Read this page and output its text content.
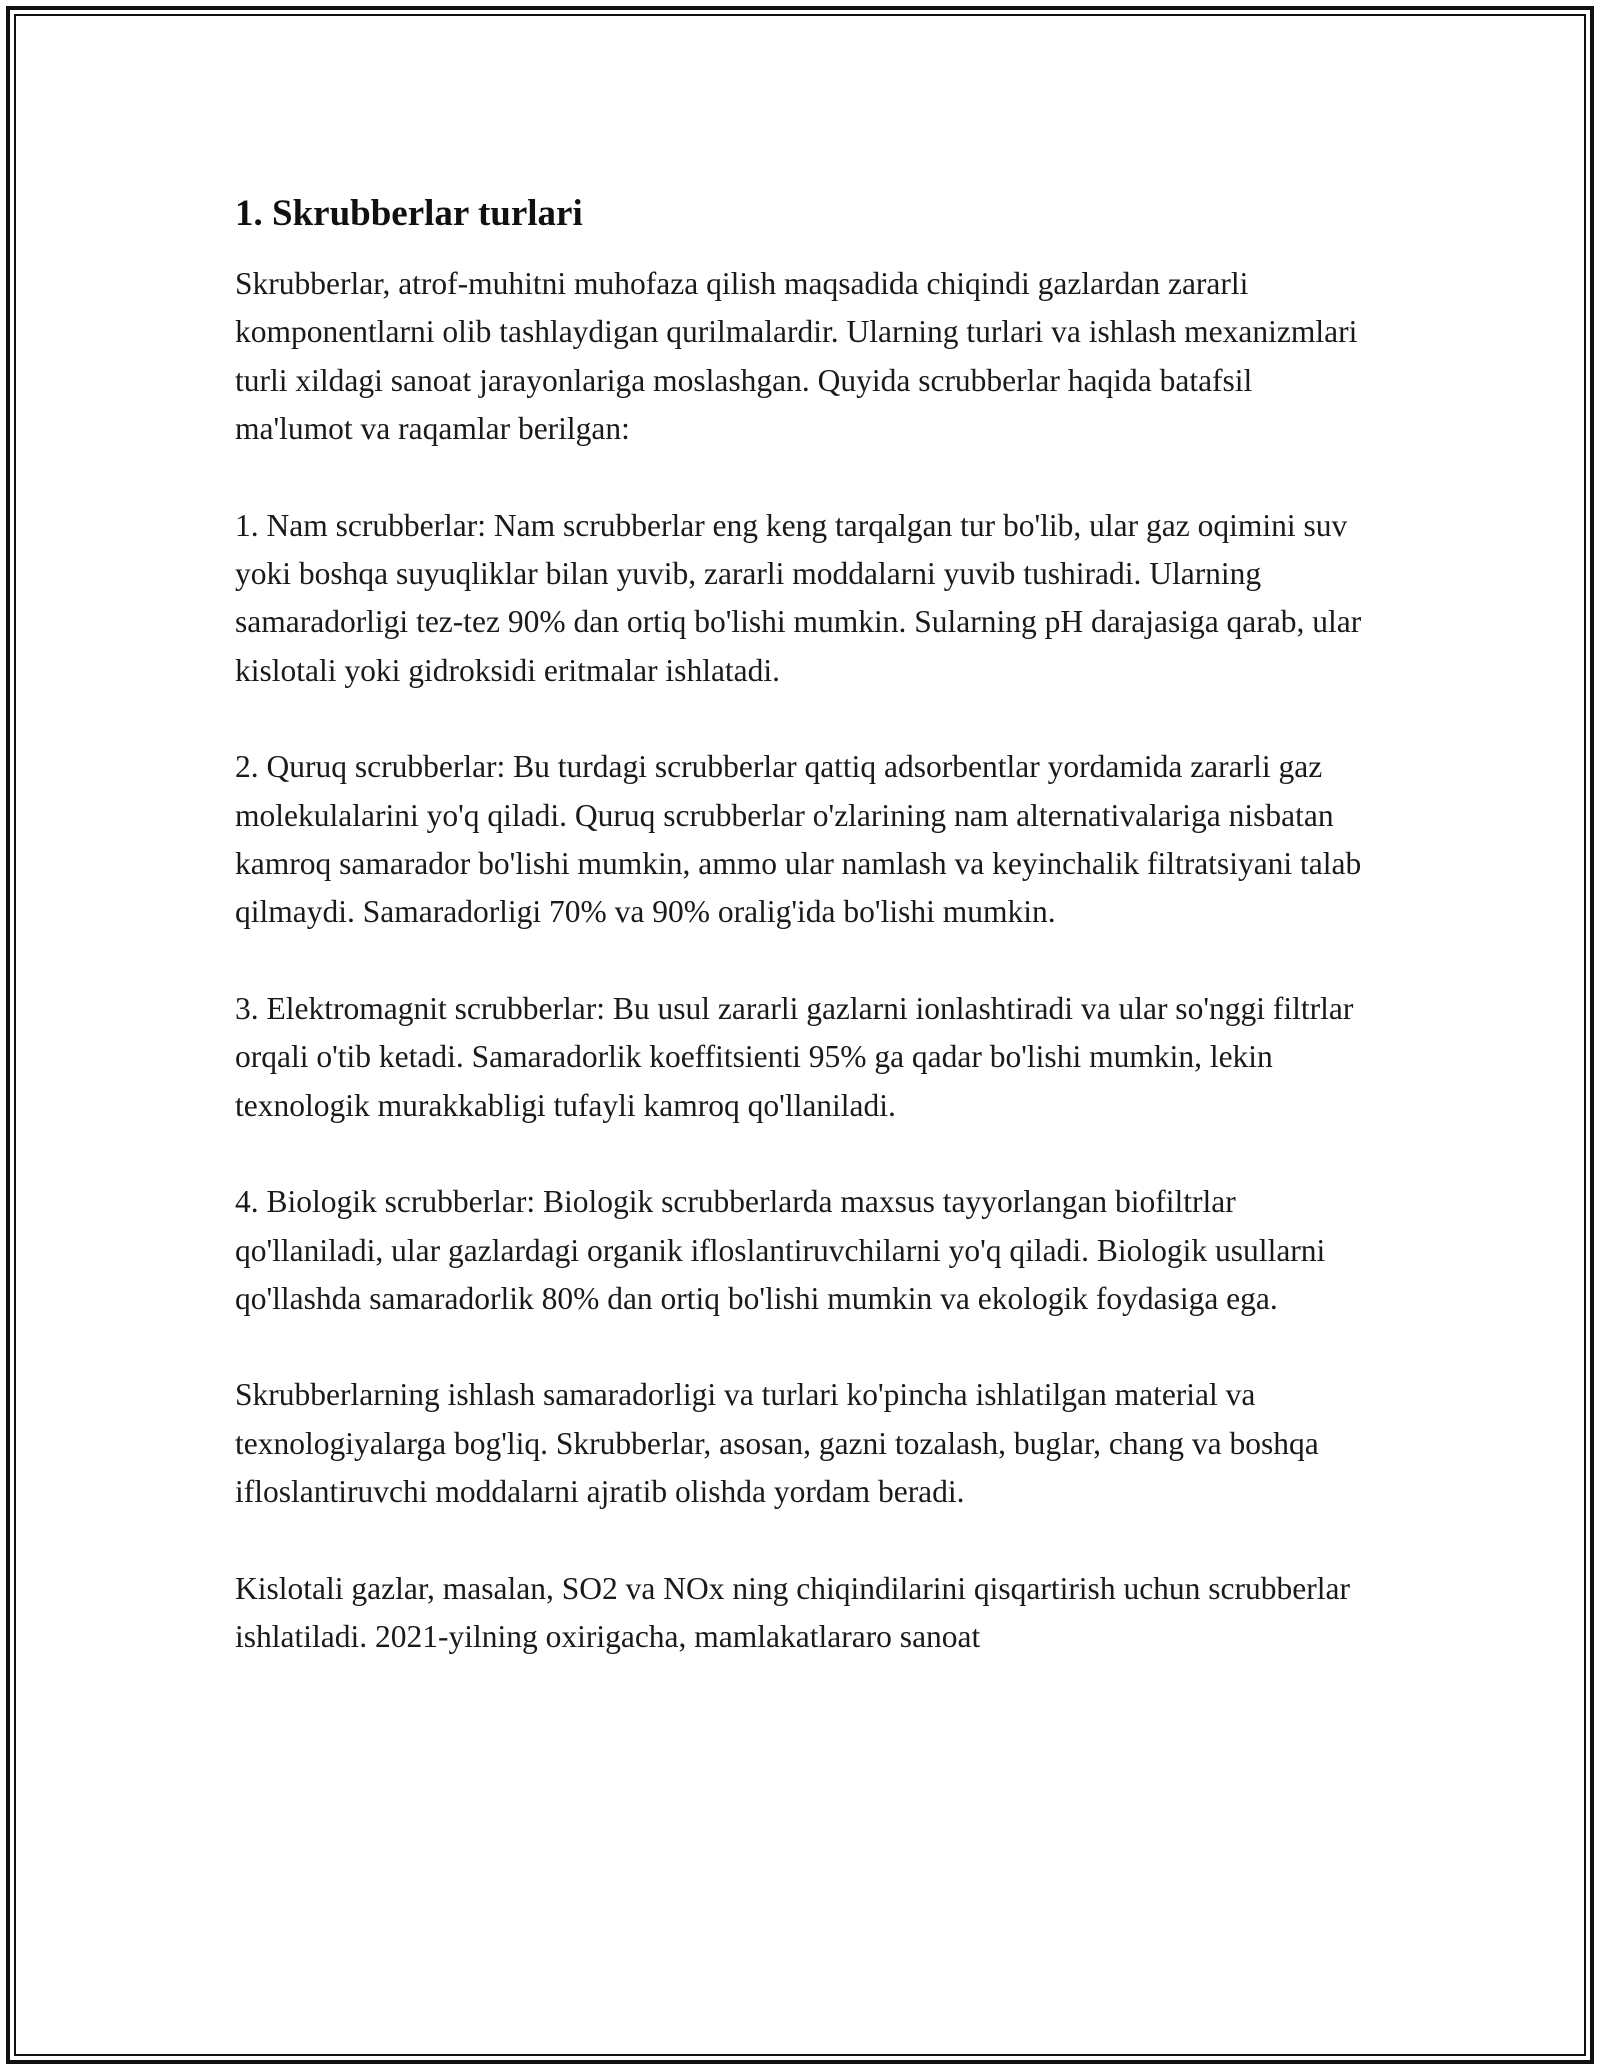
1. Skrubberlar turlari

Skrubberlar, atrof-muhitni muhofaza qilish maqsadida chiqindi gazlardan zararli komponentlarni olib tashlaydigan qurilmalardir. Ularning turlari va ishlash mexanizmlari turli xildagi sanoat jarayonlariga moslashgan. Quyida scrubberlar haqida batafsil ma'lumot va raqamlar berilgan:

1. Nam scrubberlar: Nam scrubberlar eng keng tarqalgan tur bo'lib, ular gaz oqimini suv yoki boshqa suyuqliklar bilan yuvib, zararli moddalarni yuvib tushiradi. Ularning samaradorligi tez-tez 90% dan ortiq bo'lishi mumkin. Sularning pH darajasiga qarab, ular kislotali yoki gidroksidi eritmalar ishlatadi.

2. Quruq scrubberlar: Bu turdagi scrubberlar qattiq adsorbentlar yordamida zararli gaz molekulalarini yo'q qiladi. Quruq scrubberlar o'zlarining nam alternativalariga nisbatan kamroq samarador bo'lishi mumkin, ammo ular namlash va keyinchalik filtratsiyani talab qilmaydi. Samaradorligi 70% va 90% oralig'ida bo'lishi mumkin.

3. Elektromagnit scrubberlar: Bu usul zararli gazlarni ionlashtiradi va ular so'nggi filtrlar orqali o'tib ketadi. Samaradorlik koeffitsienti 95% ga qadar bo'lishi mumkin, lekin texnologik murakkabligi tufayli kamroq qo'llaniladi.

4. Biologik scrubberlar: Biologik scrubberlarda maxsus tayyorlangan biofiltrlar qo'llaniladi, ular gazlardagi organik ifloslantiruvchilarni yo'q qiladi. Biologik usullarni qo'llashda samaradorlik 80% dan ortiq bo'lishi mumkin va ekologik foydasiga ega.

Skrubberlarning ishlash samaradorligi va turlari ko'pincha ishlatilgan material va texnologiyalarga bog'liq. Skrubberlar, asosan, gazni tozalash, buglar, chang va boshqa ifloslantiruvchi moddalarni ajratib olishda yordam beradi.

Kislotali gazlar, masalan, SO2 va NOx ning chiqindilarini qisqartirish uchun scrubberlar ishlatiladi. 2021-yilning oxirigacha, mamlakatlararo sanoat
